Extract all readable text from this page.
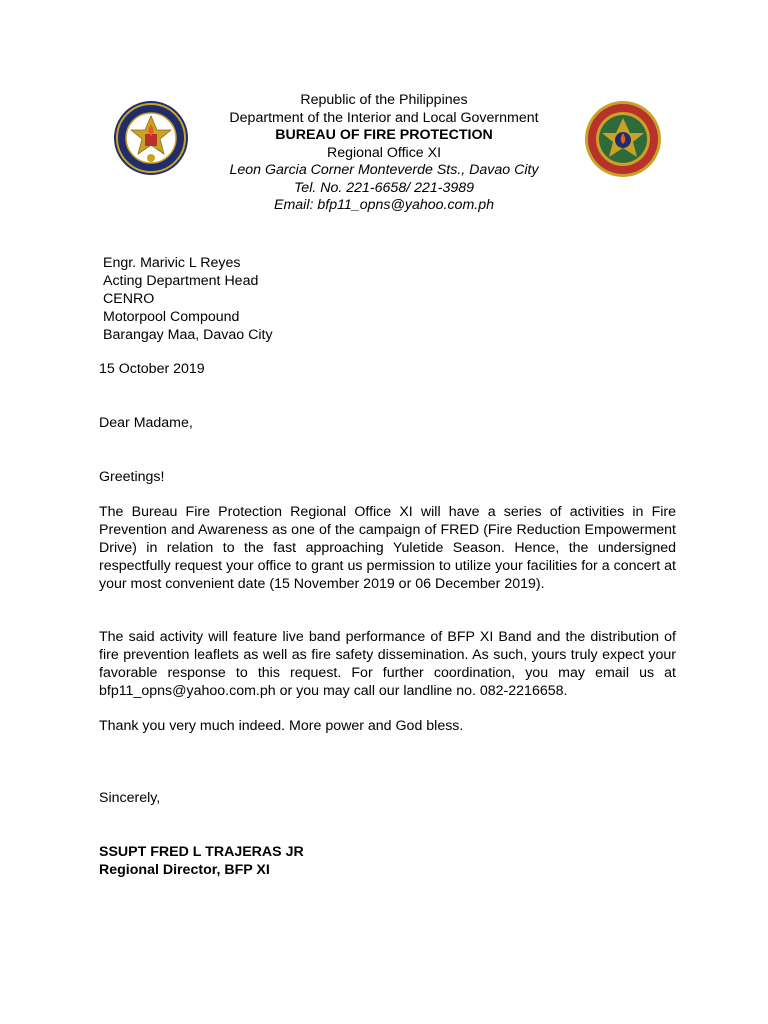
Republic of the Philippines
Department of the Interior and Local Government
BUREAU OF FIRE PROTECTION
Regional Office XI
Leon Garcia Corner Monteverde Sts., Davao City
Tel. No. 221-6658/ 221-3989
Email: bfp11_opns@yahoo.com.ph
Engr. Marivic L Reyes
Acting Department Head
CENRO
Motorpool Compound
Barangay Maa, Davao City
15 October 2019
Dear Madame,
Greetings!
The Bureau Fire Protection Regional Office XI will have a series of activities in Fire Prevention and Awareness as one of the campaign of FRED (Fire Reduction Empowerment Drive) in relation to the fast approaching Yuletide Season. Hence, the undersigned respectfully request your office to grant us permission to utilize your facilities for a concert at your most convenient date (15 November 2019 or 06 December 2019).
The said activity will feature live band performance of BFP XI Band and the distribution of fire prevention leaflets as well as fire safety dissemination. As such, yours truly expect your favorable response to this request. For further coordination, you may email us at bfp11_opns@yahoo.com.ph or you may call our landline no. 082-2216658.
Thank you very much indeed. More power and God bless.
Sincerely,
SSUPT FRED L TRAJERAS JR
Regional Director, BFP XI
